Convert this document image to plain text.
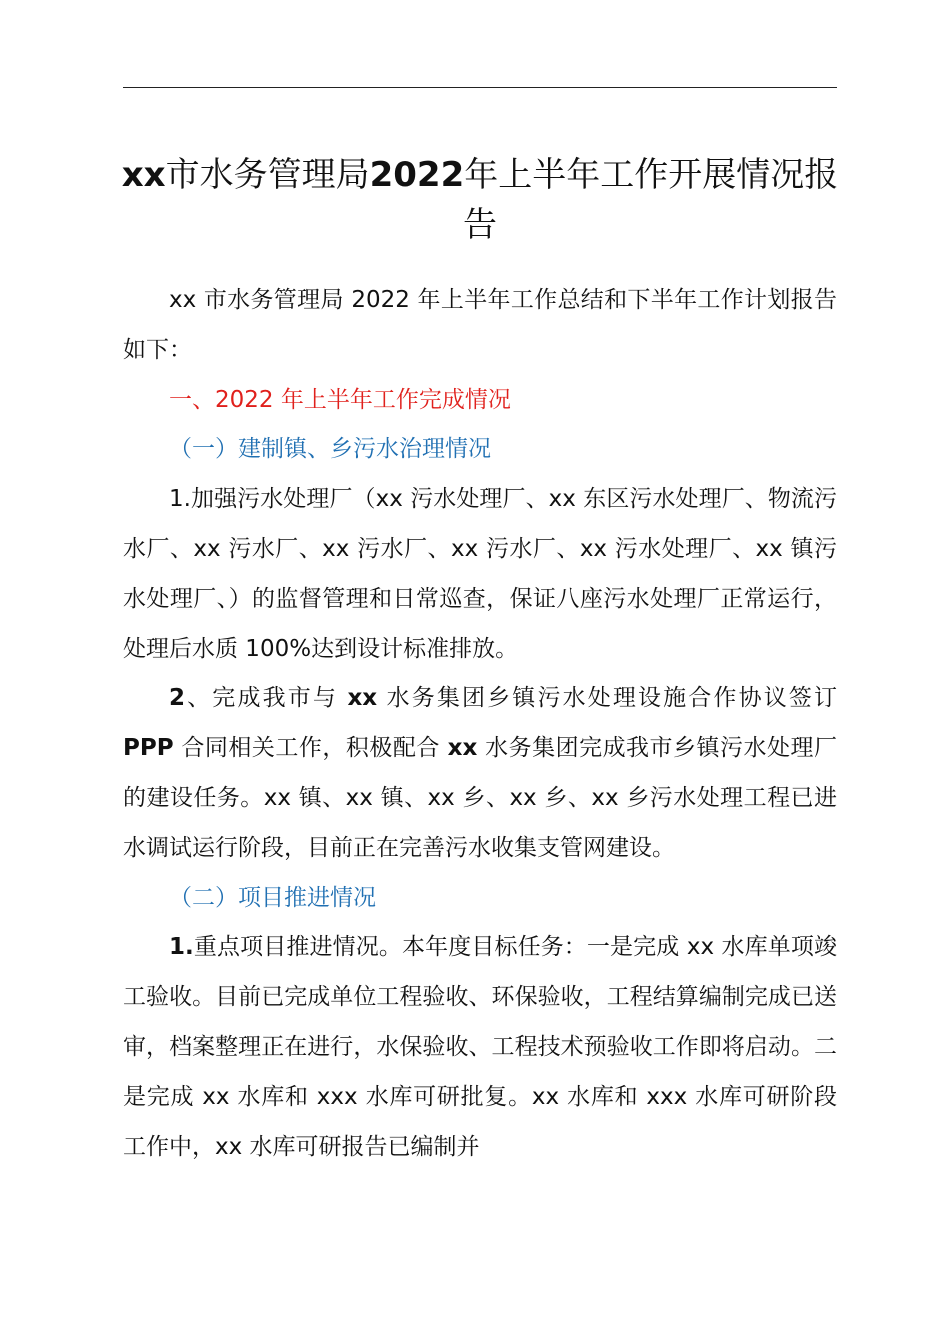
xx市水务管理局2022年上半年工作开展情况报告

xx 市水务管理局 2022 年上半年工作总结和下半年工作计划报告如下：

一、2022 年上半年工作完成情况

（一）建制镇、乡污水治理情况

1.加强污水处理厂（xx 污水处理厂、xx 东区污水处理厂、物流污水厂、xx 污水厂、xx 污水厂、xx 污水厂、xx 污水处理厂、xx 镇污水处理厂、）的监督管理和日常巡查，保证八座污水处理厂正常运行，处理后水质 100%达到设计标准排放。

2、完成我市与 xx 水务集团乡镇污水处理设施合作协议签订 PPP 合同相关工作，积极配合 xx 水务集团完成我市乡镇污水处理厂的建设任务。xx 镇、xx 镇、xx 乡、xx 乡、xx 乡污水处理工程已进水调试运行阶段，目前正在完善污水收集支管网建设。

（二）项目推进情况

1.重点项目推进情况。本年度目标任务：一是完成 xx 水库单项竣工验收。目前已完成单位工程验收、环保验收，工程结算编制完成已送审，档案整理正在进行，水保验收、工程技术预验收工作即将启动。二是完成 xx 水库和 xxx 水库可研批复。xx 水库和 xxx 水库可研阶段工作中，xx 水库可研报告已编制并
